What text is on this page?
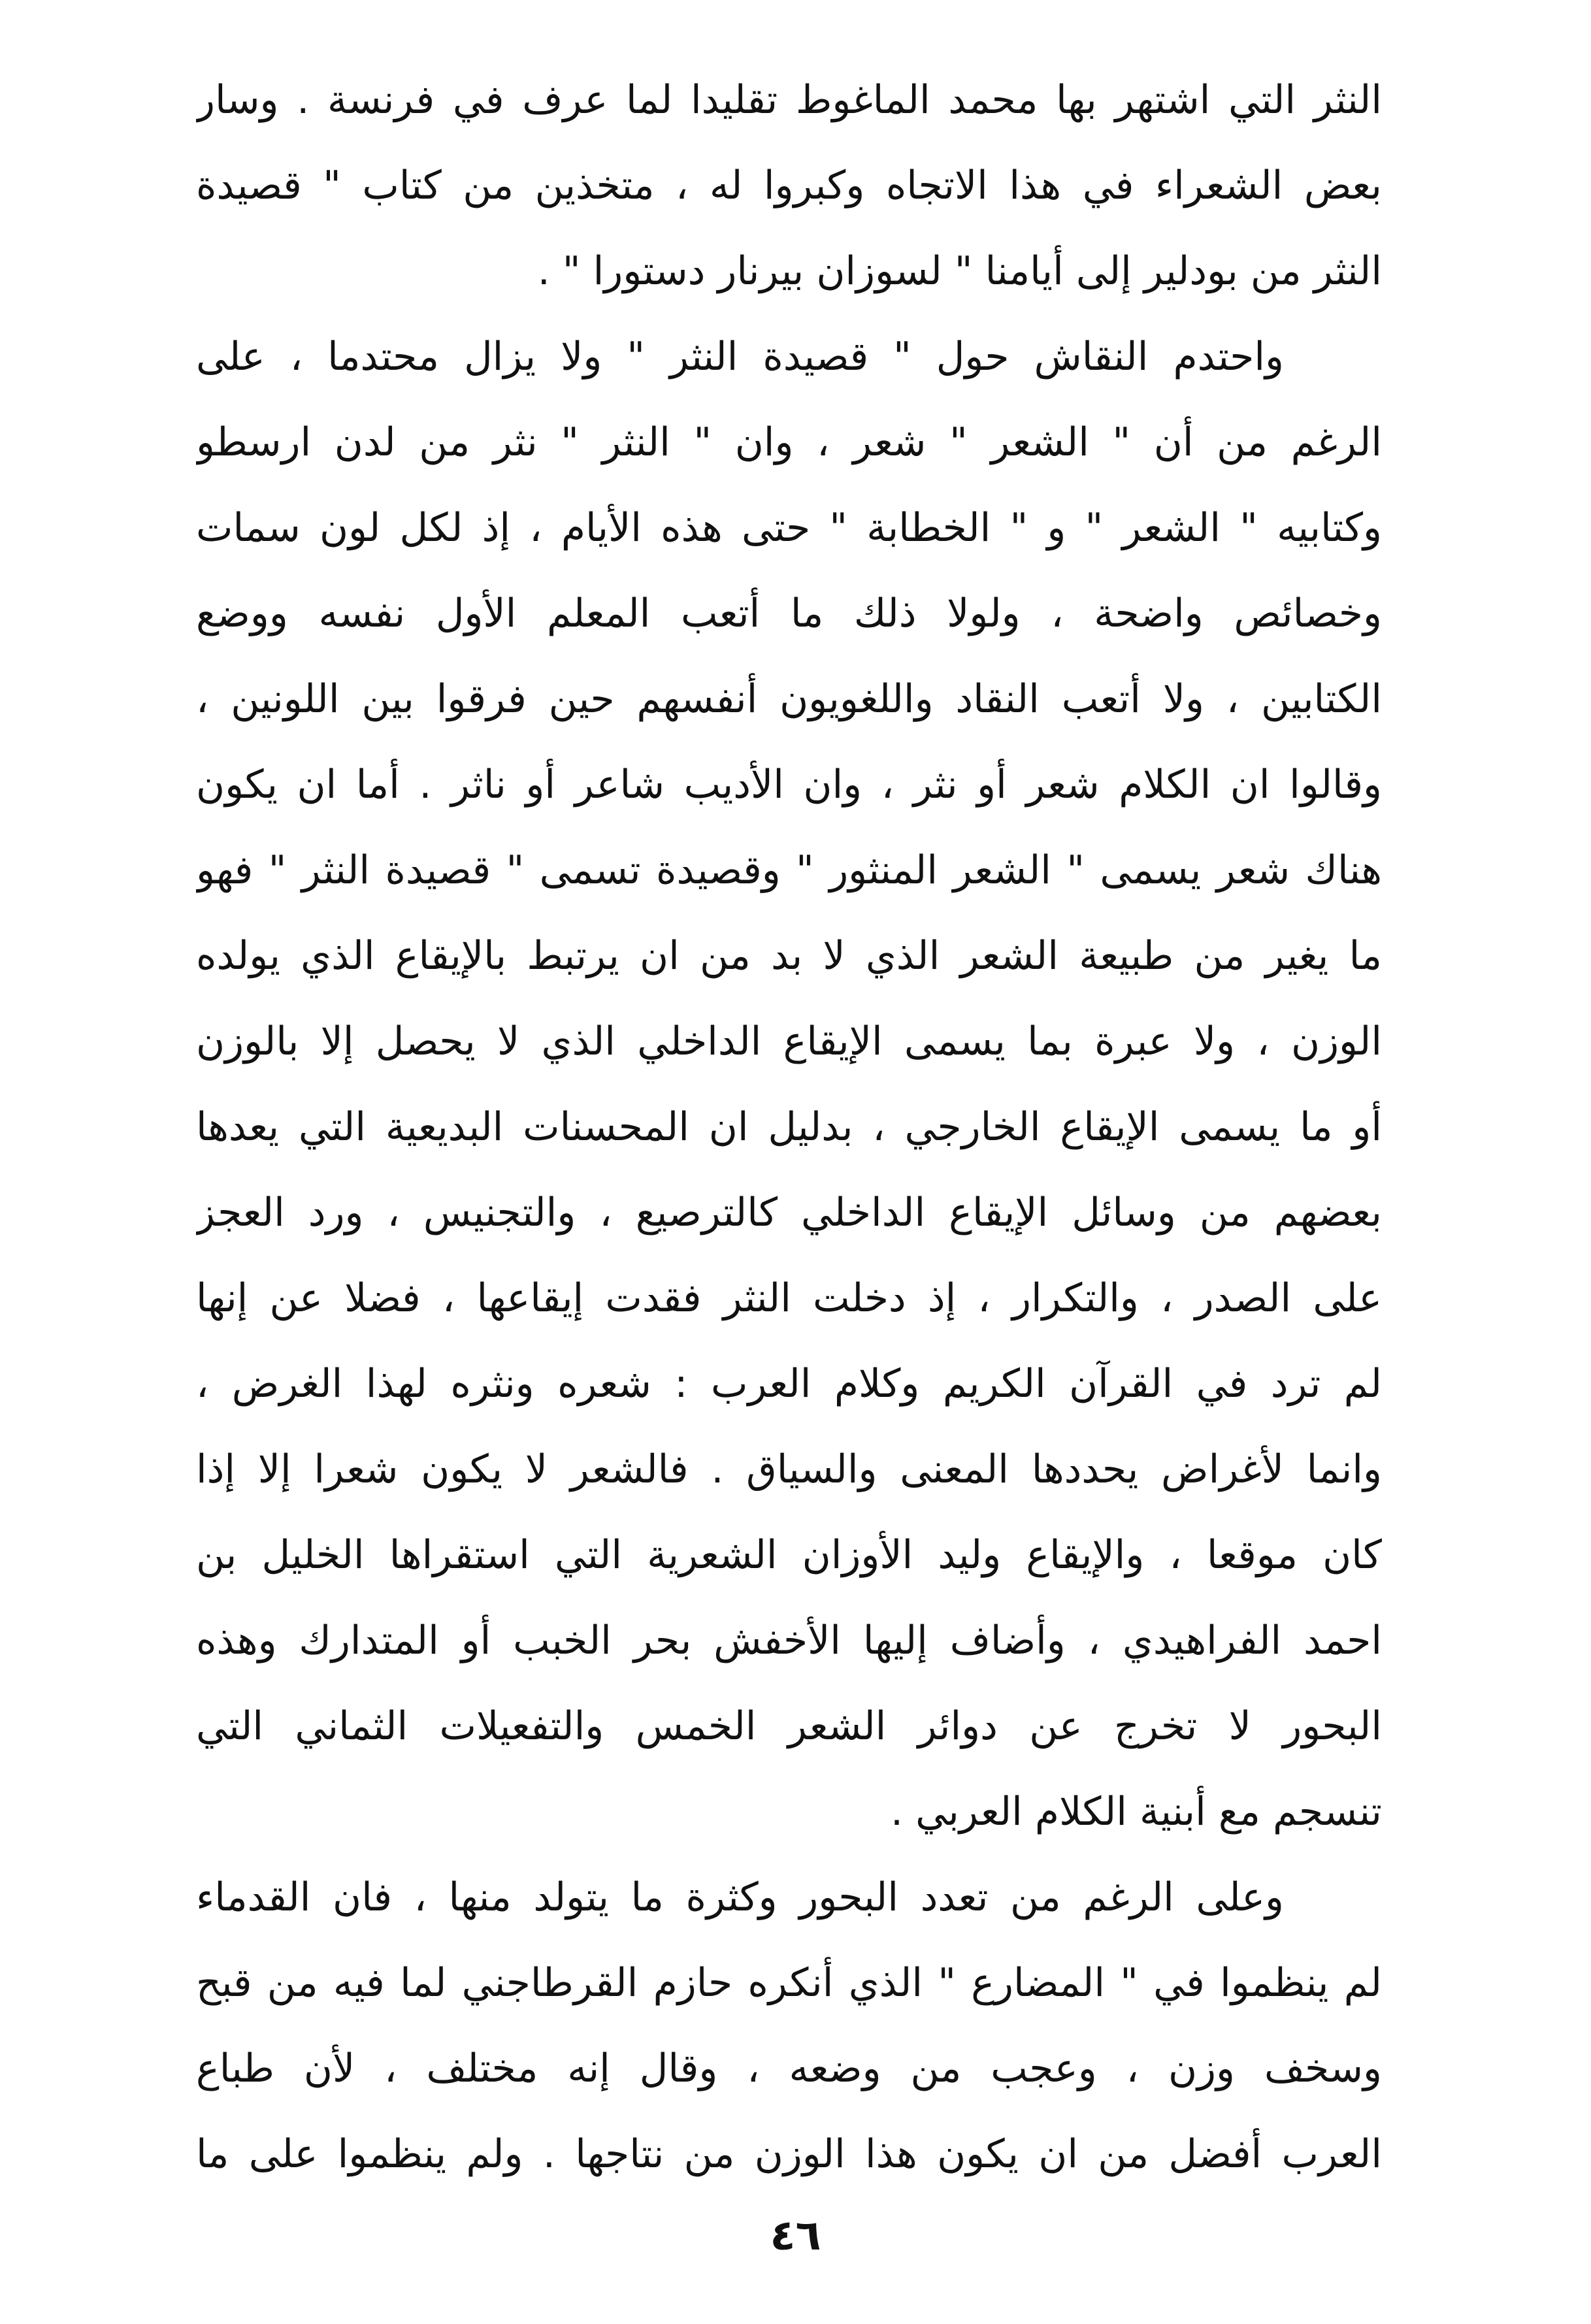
النثر التي اشتهر بها محمد الماغوط تقليدا لما عرف في فرنسة . وسار
بعض الشعراء في هذا الاتجاه وكبروا له ، متخذين من كتاب " قصيدة
النثر من بودلير إلى أيامنا " لسوزان بيرنار دستورا " .
واحتدم النقاش حول " قصيدة النثر " ولا يزال محتدما ، على
الرغم من أن " الشعر " شعر ، وان " النثر " نثر من لدن ارسطو
وكتابيه " الشعر " و " الخطابة " حتى هذه الأيام ، إذ لكل لون سمات
وخصائص واضحة ، ولولا ذلك ما أتعب المعلم الأول نفسه ووضع
الكتابين ، ولا أتعب النقاد واللغويون أنفسهم حين فرقوا بين اللونين ،
وقالوا ان الكلام شعر أو نثر ، وان الأديب شاعر أو ناثر . أما ان يكون
هناك شعر يسمى " الشعر المنثور " وقصيدة تسمى " قصيدة النثر " فهو
ما يغير من طبيعة الشعر الذي لا بد من ان يرتبط بالإيقاع الذي يولده
الوزن ، ولا عبرة بما يسمى الإيقاع الداخلي الذي لا يحصل إلا بالوزن
أو ما يسمى الإيقاع الخارجي ، بدليل ان المحسنات البديعية التي يعدها
بعضهم من وسائل الإيقاع الداخلي كالترصيع ، والتجنيس ، ورد العجز
على الصدر ، والتكرار ، إذ دخلت النثر فقدت إيقاعها ، فضلا عن إنها
لم ترد في القرآن الكريم وكلام العرب : شعره ونثره لهذا الغرض ،
وانما لأغراض يحددها المعنى والسياق . فالشعر لا يكون شعرا إلا إذا
كان موقعا ، والإيقاع وليد الأوزان الشعرية التي استقراها الخليل بن
احمد الفراهيدي ، وأضاف إليها الأخفش بحر الخبب أو المتدارك وهذه
البحور لا تخرج عن دوائر الشعر الخمس والتفعيلات الثماني التي
تنسجم مع أبنية الكلام العربي .
وعلى الرغم من تعدد البحور وكثرة ما يتولد منها ، فان القدماء
لم ينظموا في " المضارع " الذي أنكره حازم القرطاجني لما فيه من قبح
وسخف وزن ، وعجب من وضعه ، وقال إنه مختلف ، لأن طباع
العرب أفضل من ان يكون هذا الوزن من نتاجها . ولم ينظموا على ما
٤٦
